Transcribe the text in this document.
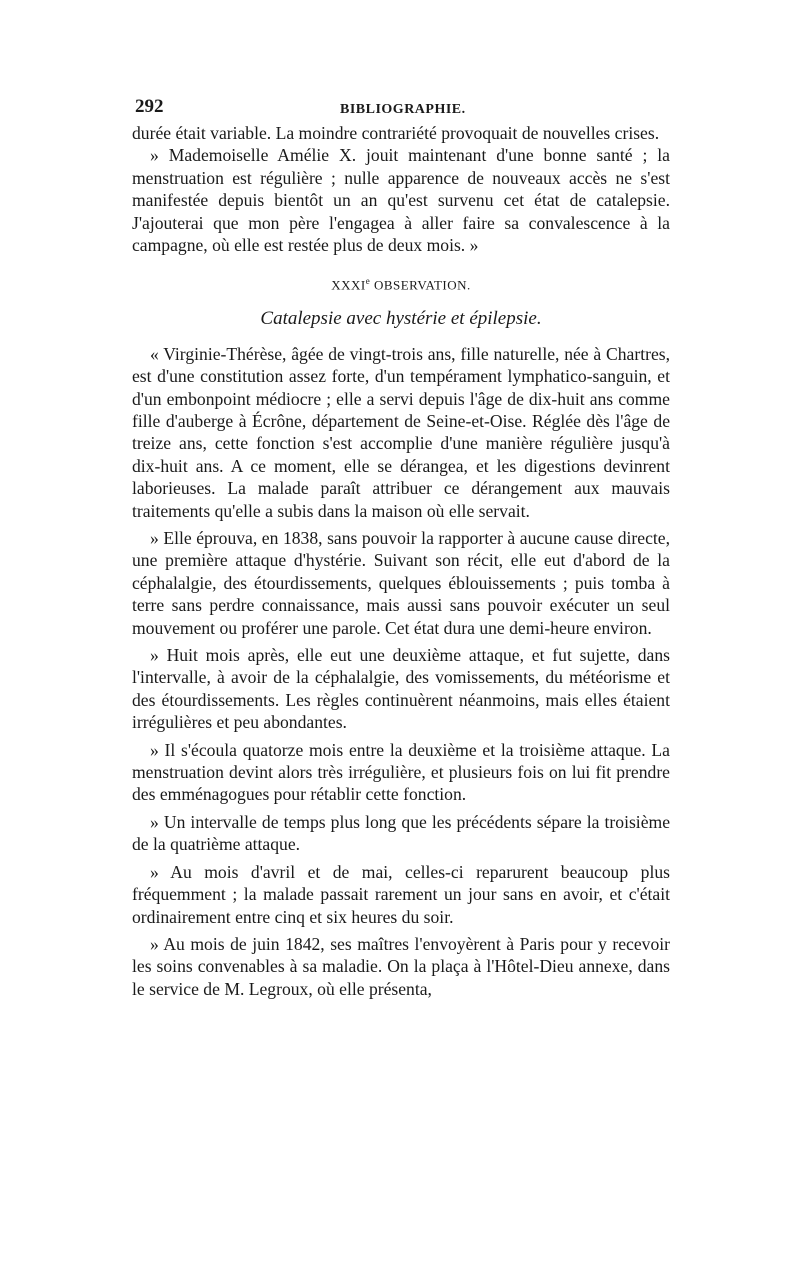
292	BIBLIOGRAPHIE.

durée était variable. La moindre contrariété provoquait de nouvelles crises.

» Mademoiselle Amélie X. jouit maintenant d'une bonne santé ; la menstruation est régulière ; nulle apparence de nouveaux accès ne s'est manifestée depuis bientôt un an qu'est survenu cet état de catalepsie. J'ajouterai que mon père l'engagea à aller faire sa convalescence à la campagne, où elle est restée plus de deux mois. »

XXXIe OBSERVATION.
Catalepsie avec hystérie et épilepsie.

« Virginie-Thérèse, âgée de vingt-trois ans, fille naturelle, née à Chartres, est d'une constitution assez forte, d'un tempérament lymphatico-sanguin, et d'un embonpoint médiocre ; elle a servi depuis l'âge de dix-huit ans comme fille d'auberge à Écrône, département de Seine-et-Oise. Réglée dès l'âge de treize ans, cette fonction s'est accomplie d'une manière régulière jusqu'à dix-huit ans. A ce moment, elle se dérangea, et les digestions devinrent laborieuses. La malade paraît attribuer ce dérangement aux mauvais traitements qu'elle a subis dans la maison où elle servait.

» Elle éprouva, en 1838, sans pouvoir la rapporter à aucune cause directe, une première attaque d'hystérie. Suivant son récit, elle eut d'abord de la céphalalgie, des étourdissements, quelques éblouissements ; puis tomba à terre sans perdre connaissance, mais aussi sans pouvoir exécuter un seul mouvement ou proférer une parole. Cet état dura une demi-heure environ.

» Huit mois après, elle eut une deuxième attaque, et fut sujette, dans l'intervalle, à avoir de la céphalalgie, des vomissements, du météorisme et des étourdissements. Les règles continuèrent néanmoins, mais elles étaient irrégulières et peu abondantes.

» Il s'écoula quatorze mois entre la deuxième et la troisième attaque. La menstruation devint alors très irrégulière, et plusieurs fois on lui fit prendre des emménagogues pour rétablir cette fonction.

» Un intervalle de temps plus long que les précédents sépare la troisième de la quatrième attaque.

» Au mois d'avril et de mai, celles-ci reparurent beaucoup plus fréquemment ; la malade passait rarement un jour sans en avoir, et c'était ordinairement entre cinq et six heures du soir.

» Au mois de juin 1842, ses maîtres l'envoyèrent à Paris pour y recevoir les soins convenables à sa maladie. On la plaça à l'Hôtel-Dieu annexe, dans le service de M. Legroux, où elle présenta,
